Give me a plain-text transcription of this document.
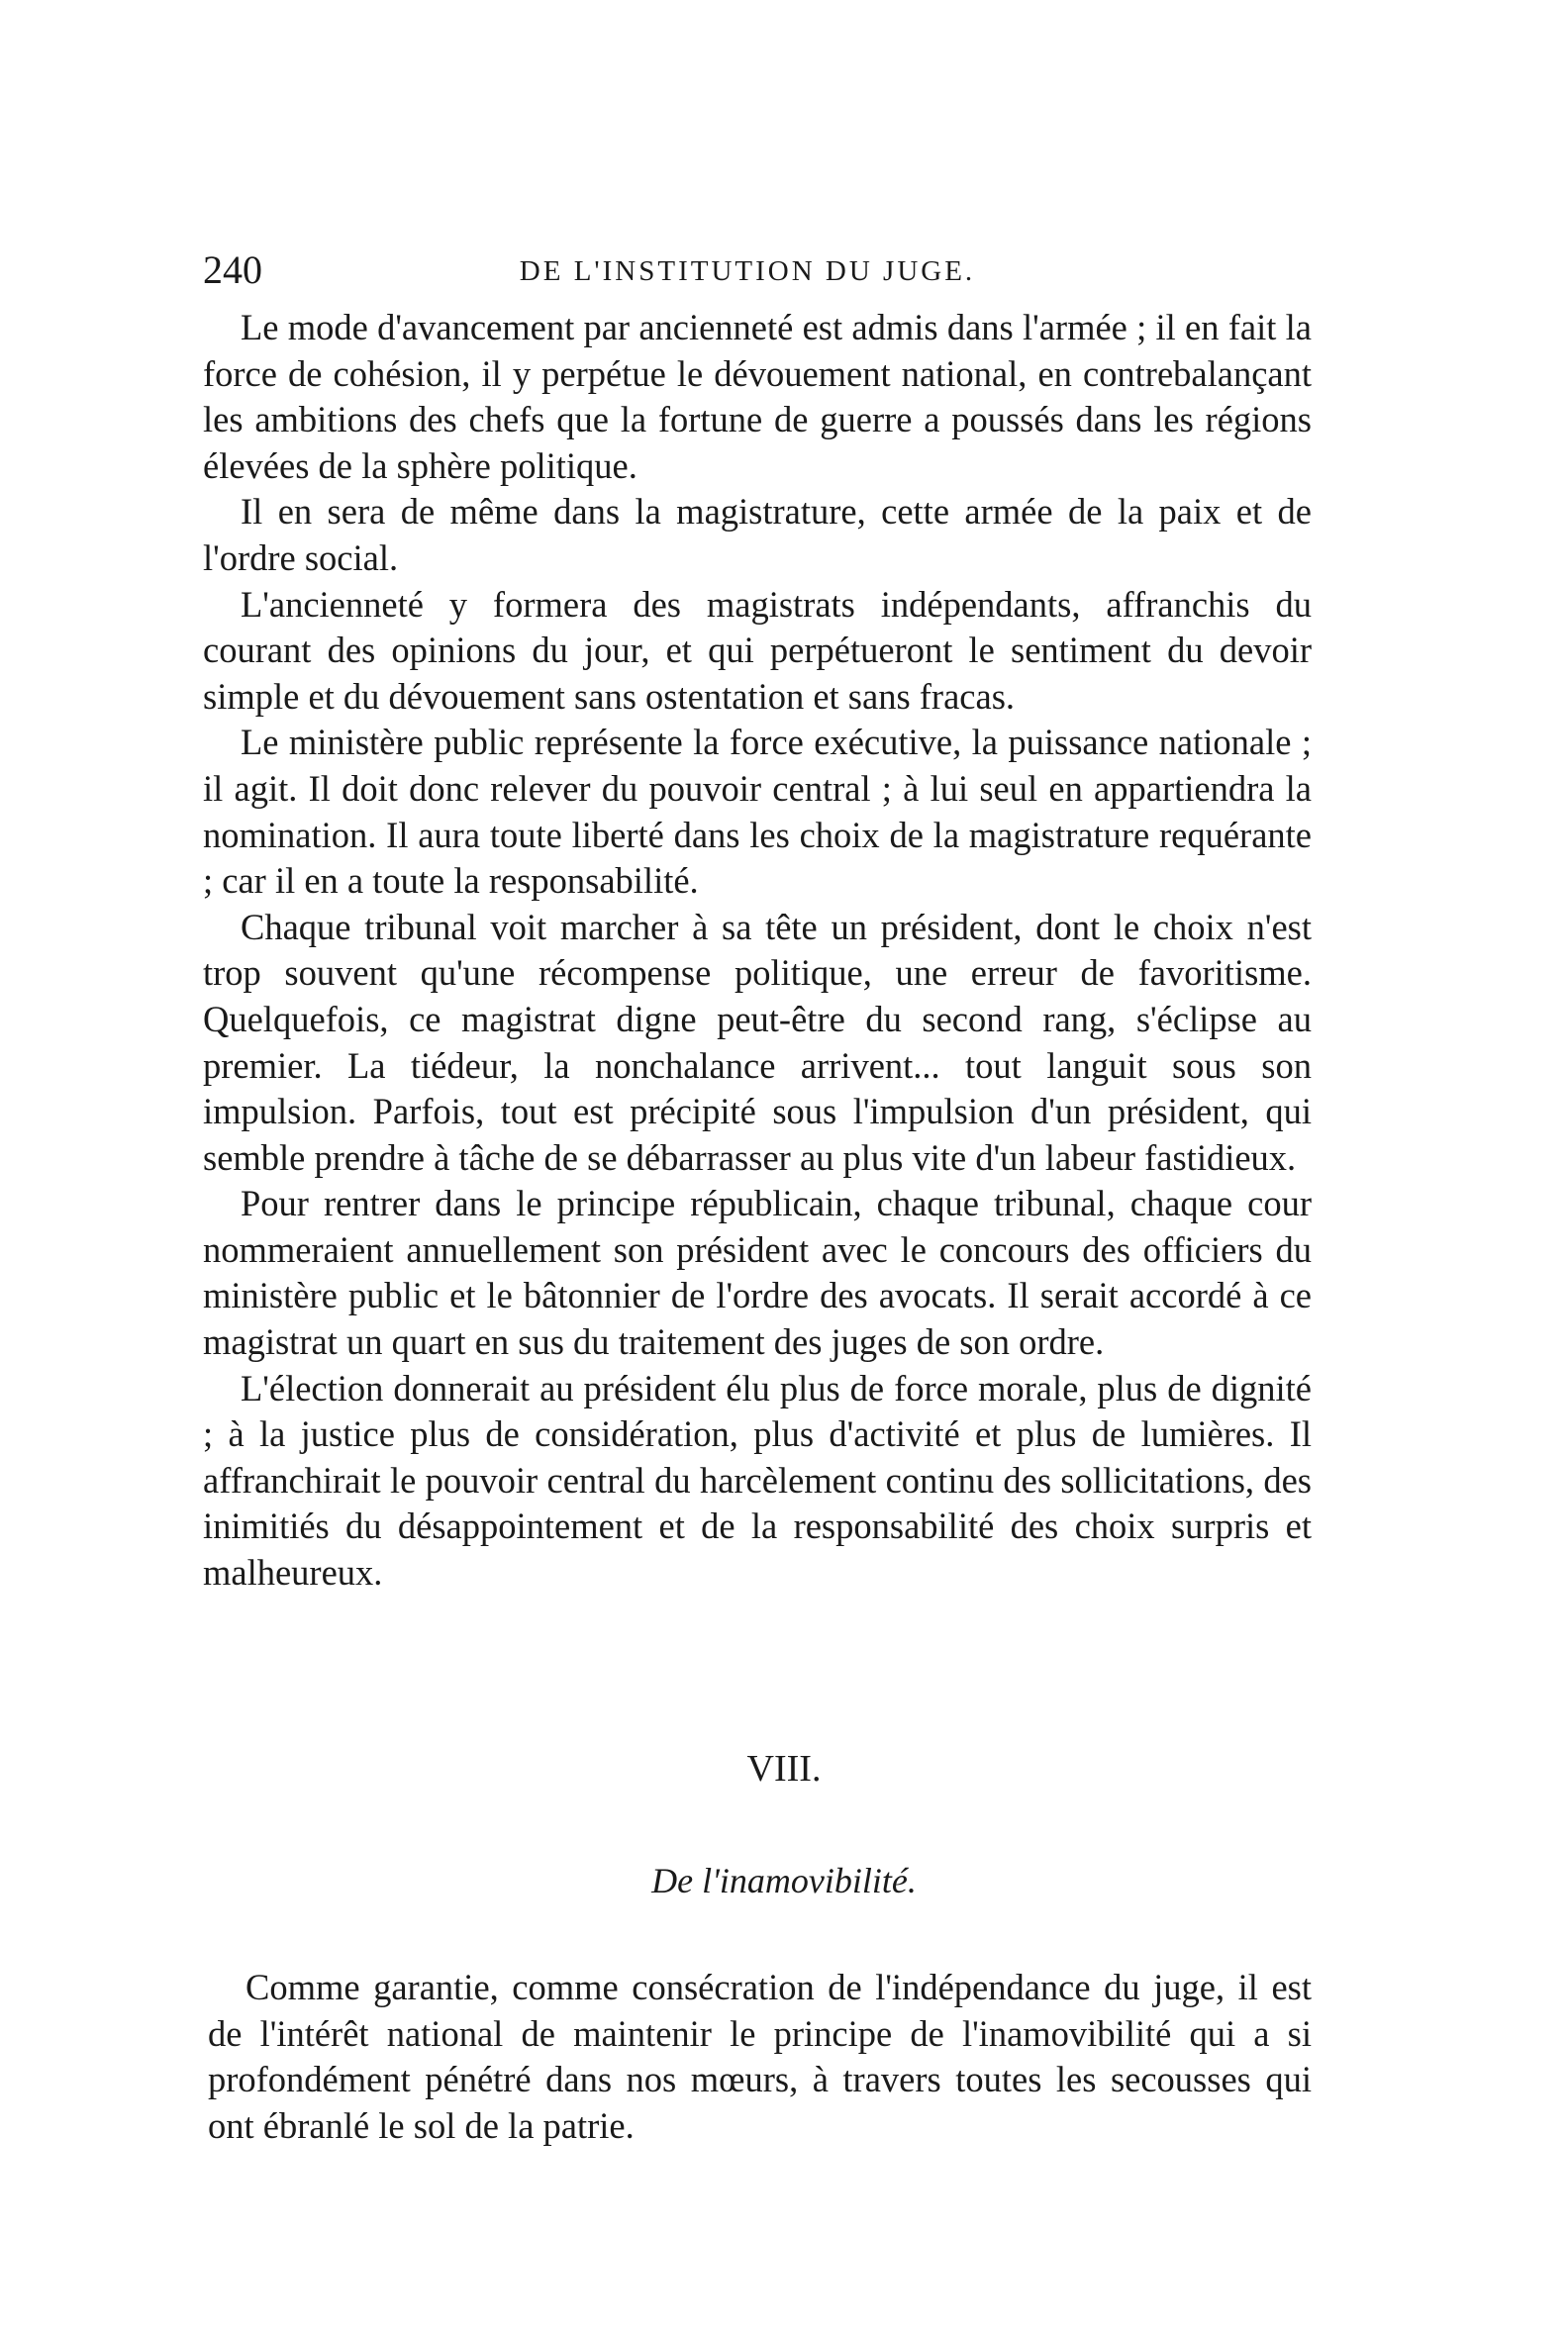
240	DE L'INSTITUTION DU JUGE.

Le mode d'avancement par ancienneté est admis dans l'armée ; il en fait la force de cohésion, il y perpétue le dévouement national, en contrebalançant les ambitions des chefs que la fortune de guerre a poussés dans les régions élevées de la sphère politique.

Il en sera de même dans la magistrature, cette armée de la paix et de l'ordre social.

L'ancienneté y formera des magistrats indépendants, affranchis du courant des opinions du jour, et qui perpétueront le sentiment du devoir simple et du dévouement sans ostentation et sans fracas.

Le ministère public représente la force exécutive, la puissance nationale ; il agit. Il doit donc relever du pouvoir central ; à lui seul en appartiendra la nomination. Il aura toute liberté dans les choix de la magistrature requérante ; car il en a toute la responsabilité.

Chaque tribunal voit marcher à sa tête un président, dont le choix n'est trop souvent qu'une récompense politique, une erreur de favoritisme. Quelquefois, ce magistrat digne peut-être du second rang, s'éclipse au premier. La tiédeur, la nonchalance arrivent... tout languit sous son impulsion. Parfois, tout est précipité sous l'impulsion d'un président, qui semble prendre à tâche de se débarrasser au plus vite d'un labeur fastidieux.

Pour rentrer dans le principe républicain, chaque tribunal, chaque cour nommeraient annuellement son président avec le concours des officiers du ministère public et le bâtonnier de l'ordre des avocats. Il serait accordé à ce magistrat un quart en sus du traitement des juges de son ordre.

L'élection donnerait au président élu plus de force morale, plus de dignité ; à la justice plus de considération, plus d'activité et plus de lumières. Il affranchirait le pouvoir central du harcèlement continu des sollicitations, des inimitiés du désappointement et de la responsabilité des choix surpris et malheureux.

VIII.
De l'inamovibilité.

Comme garantie, comme consécration de l'indépendance du juge, il est de l'intérêt national de maintenir le principe de l'inamovibilité qui a si profondément pénétré dans nos mœurs, à travers toutes les secousses qui ont ébranlé le sol de la patrie.
